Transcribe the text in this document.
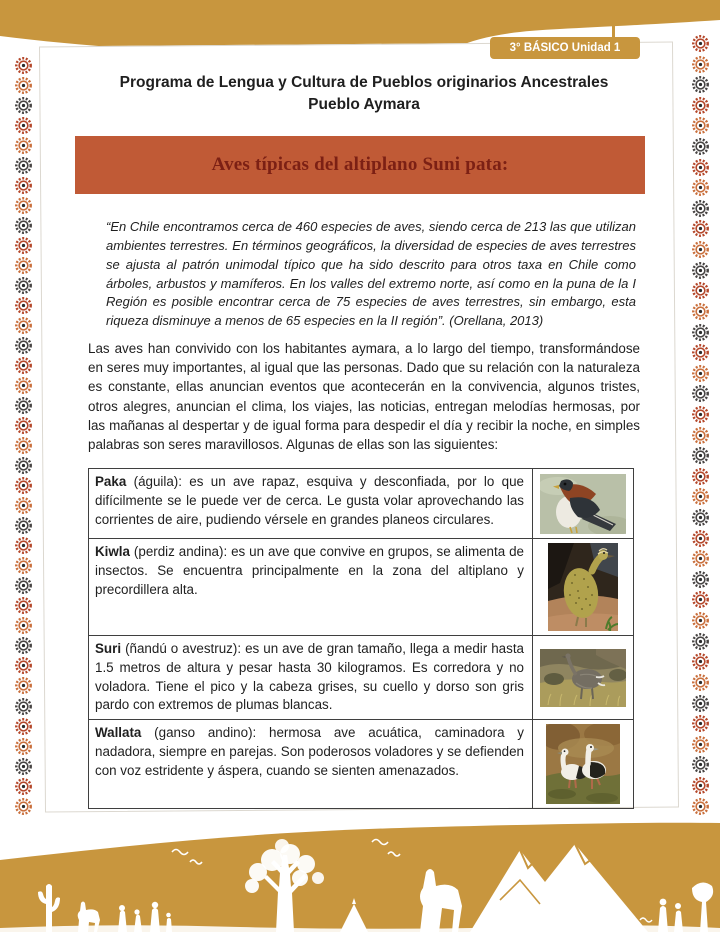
3° BÁSICO Unidad 1
Programa de Lengua y Cultura de Pueblos originarios Ancestrales
Pueblo Aymara
Aves típicas del altiplano Suni pata:

“En Chile encontramos cerca de 460 especies de aves, siendo cerca de 213 las que utilizan ambientes terrestres. En términos geográficos, la diversidad de especies de aves terrestres se ajusta al patrón unimodal típico que ha sido descrito para otros taxa en Chile como árboles, arbustos y mamíferos. En los valles del extremo norte, así como en la puna de la I Región es posible encontrar cerca de 75 especies de aves terrestres, sin embargo, esta riqueza disminuye a menos de 65 especies en la II región”. (Orellana, 2013)

Las aves han convivido con los habitantes aymara, a lo largo del tiempo, transformándose en seres muy importantes, al igual que las personas. Dado que su relación con la naturaleza es constante, ellas anuncian eventos que acontecerán en la convivencia, algunos tristes, otros alegres, anuncian el clima, los viajes, las noticias, entregan melodías hermosas, por las mañanas al despertar y de igual forma para despedir el día y recibir la noche, en simples palabras son seres maravillosos. Algunas de ellas son las siguientes:

Paka (águila): es un ave rapaz, esquiva y desconfiada, por lo que difícilmente se le puede ver de cerca. Le gusta volar aprovechando las corrientes de aire, pudiendo vérsele en grandes planeos circulares.	

Kiwla (perdiz andina): es un ave que convive en grupos, se alimenta de insectos. Se encuentra principalmente en la zona del altiplano y precordillera alta.	

Suri (ñandú o avestruz): es un ave de gran tamaño, llega a medir hasta 1.5 metros de altura y pesar hasta 30 kilogramos. Es corredora y no voladora. Tiene el pico y la cabeza grises, su cuello y dorso son gris pardo con extremos de plumas blancas.	

Wallata (ganso andino): hermosa ave acuática, caminadora y nadadora, siempre en parejas. Son poderosos voladores y se defienden con voz estridente y áspera, cuando se sienten amenazados.	
